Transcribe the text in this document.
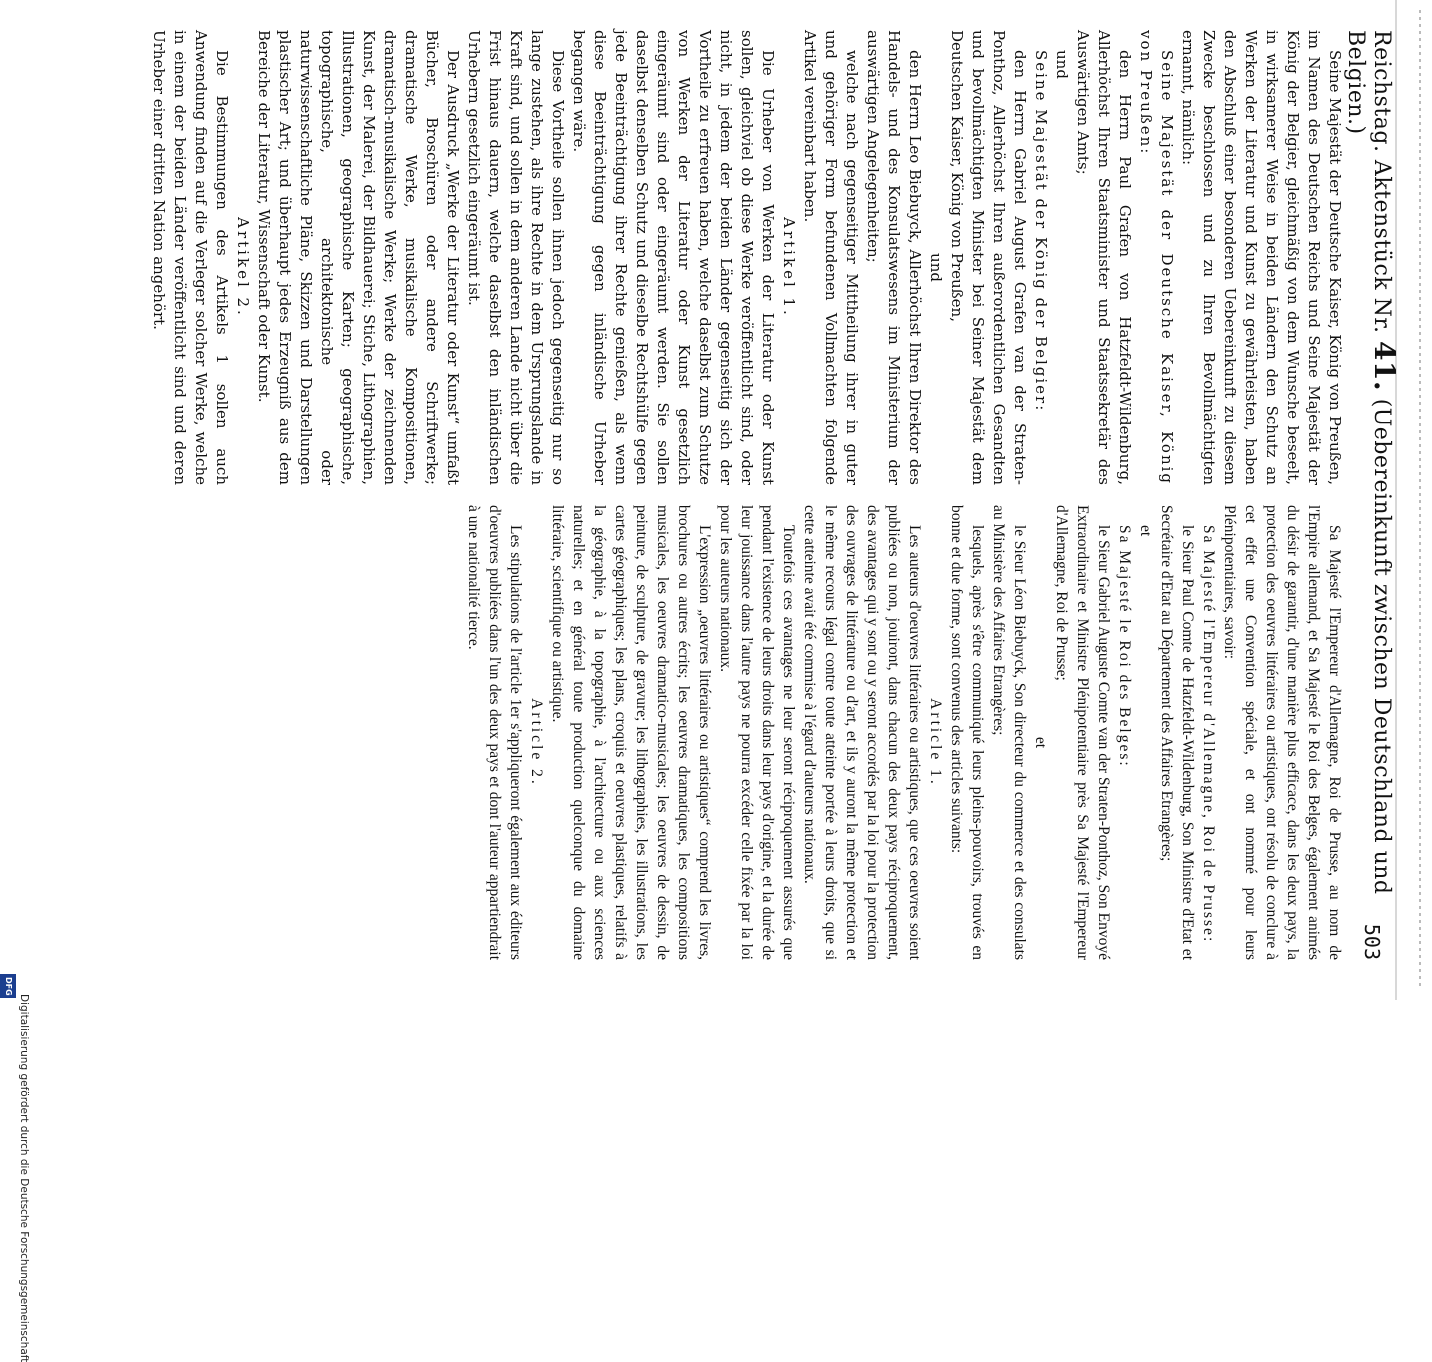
Reichstag. Aktenstück Nr. 41. (Uebereinkunft zwischen Deutschland und Belgien.)
503

Seine Majestät der Deutsche Kaiser, König von Preußen, im Namen des Deutschen Reichs und Seine Majestät der König der Belgier, gleichmäßig von dem Wunsche beseelt, in wirksamerer Weise in beiden Ländern den Schutz an Werken der Literatur und Kunst zu gewährleisten, haben den Abschluß einer besonderen Uebereinkunft zu diesem Zwecke beschlossen und zu Ihren Bevollmächtigten ernannt, nämlich:

Seine Majestät der Deutsche Kaiser, König von Preußen:

den Herrn Paul Grafen von Hatzfeldt-Wildenburg, Allerhöchst Ihren Staatsminister und Staatssekretär des Auswärtigen Amts;

und

Seine Majestät der König der Belgier:

den Herrn Gabriel August Grafen van der Straten-Ponthoz, Allerhöchst Ihren außerordentlichen Gesandten und bevollmächtigten Minister bei Seiner Majestät dem Deutschen Kaiser, König von Preußen,

und

den Herrn Leo Biebuyck, Allerhöchst Ihren Direktor des Handels- und des Konsulatswesens im Ministerium der auswärtigen Angelegenheiten;

welche nach gegenseitiger Mittheilung ihrer in guter und gehöriger Form befundenen Vollmachten folgende Artikel vereinbart haben.

Artikel 1.

Die Urheber von Werken der Literatur oder Kunst sollen, gleichviel ob diese Werke veröffentlicht sind, oder nicht, in jedem der beiden Länder gegenseitig sich der Vortheile zu erfreuen haben, welche daselbst zum Schutze von Werken der Literatur oder Kunst gesetzlich eingeräumt sind oder eingeräumt werden. Sie sollen daselbst denselben Schutz und dieselbe Rechtshülfe gegen jede Beeinträchtigung ihrer Rechte genießen, als wenn diese Beeinträchtigung gegen inländische Urheber begangen wäre.

Diese Vortheile sollen ihnen jedoch gegenseitig nur so lange zustehen, als ihre Rechte in dem Ursprungslande in Kraft sind, und sollen in dem anderen Lande nicht über die Frist hinaus dauern, welche daselbst den inländischen Urhebern gesetzlich eingeräumt ist.

Der Ausdruck „Werke der Literatur oder Kunst“ umfaßt Bücher, Broschüren oder andere Schriftwerke; dramatische Werke, musikalische Kompositionen, dramatisch-musikalische Werke; Werke der zeichnenden Kunst, der Malerei, der Bildhauerei; Stiche, Lithographien, Illustrationen, geographische Karten; geographische, topographische, architektonische oder naturwissenschaftliche Pläne, Skizzen und Darstellungen plastischer Art; und überhaupt jedes Erzeugniß aus dem Bereiche der Literatur, Wissenschaft oder Kunst.

Artikel 2.

Die Bestimmungen des Artikels 1 sollen auch Anwendung finden auf die Verleger solcher Werke, welche in einem der beiden Länder veröffentlicht sind und deren Urheber einer dritten Nation angehört.

Sa Majesté l'Empereur d'Allemagne, Roi de Prusse, au nom de l'Empire allemand, et Sa Majesté le Roi des Belges, également animés du désir de garantir, d'une manière plus efficace, dans les deux pays, la protection des oeuvres littéraires ou artistiques, ont résolu de conclure à cet effet une Convention spéciale, et ont nommé pour leurs Plénipotentiaires, savoir:

Sa Majesté l'Empereur d'Allemagne, Roi de Prusse:

le Sieur Paul Comte de Hatzfeldt-Wildenburg, Son Ministre d'Etat et Secrétaire d'Etat au Département des Affaires Etrangères;

et

Sa Majesté le Roi des Belges:

le Sieur Gabriel Auguste Comte van der Straten-Ponthoz, Son Envoyé Extraordinaire et Ministre Plénipotentiaire près Sa Majesté l'Empereur d'Allemagne, Roi de Prusse;

et

le Sieur Léon Biebuyck, Son directeur du commerce et des consulats au Ministère des Affaires Etrangères;

lesquels, après s'être communiqué leurs pleins-pouvoirs, trouvés en bonne et due forme, sont convenus des articles suivants:

Article 1.

Les auteurs d'oeuvres littéraires ou artistiques, que ces oeuvres soient publiées ou non, jouiront, dans chacun des deux pays réciproquement, des avantages qui y sont ou y seront accordés par la loi pour la protection des ouvrages de littérature ou d'art, et ils y auront la même protection et le même recours légal contre toute atteinte portée à leurs droits, que si cette atteinte avait été commise à l'égard d'auteurs nationaux.

Toutefois ces avantages ne leur seront réciproquement assurés que pendant l'existence de leurs droits dans leur pays d'origine, et la durée de leur jouissance dans l'autre pays ne pourra excéder celle fixée par la loi pour les auteurs nationaux.

L'expression „oeuvres littéraires ou artistiques“ comprend les livres, brochures ou autres écrits; les oeuvres dramatiques, les compositions musicales, les oeuvres dramatico-musicales; les oeuvres de dessin, de peinture, de sculpture, de gravure; les lithographies, les illustrations, les cartes géographiques; les plans, croquis et oeuvres plastiques, relatifs à la géographie, à la topographie, à l'architecture ou aux sciences naturelles; et en général toute production quelconque du domaine littéraire, scientifique ou artistique.

Article 2.

Les stipulations de l'article 1er s'appliqueront également aux éditeurs d'oeuvres publiées dans l'un des deux pays et dont l'auteur appartiendrait à une nationalité tierce.

Digitalisierung gefördert durch die Deutsche Forschungsgemeinschaft
DFG
